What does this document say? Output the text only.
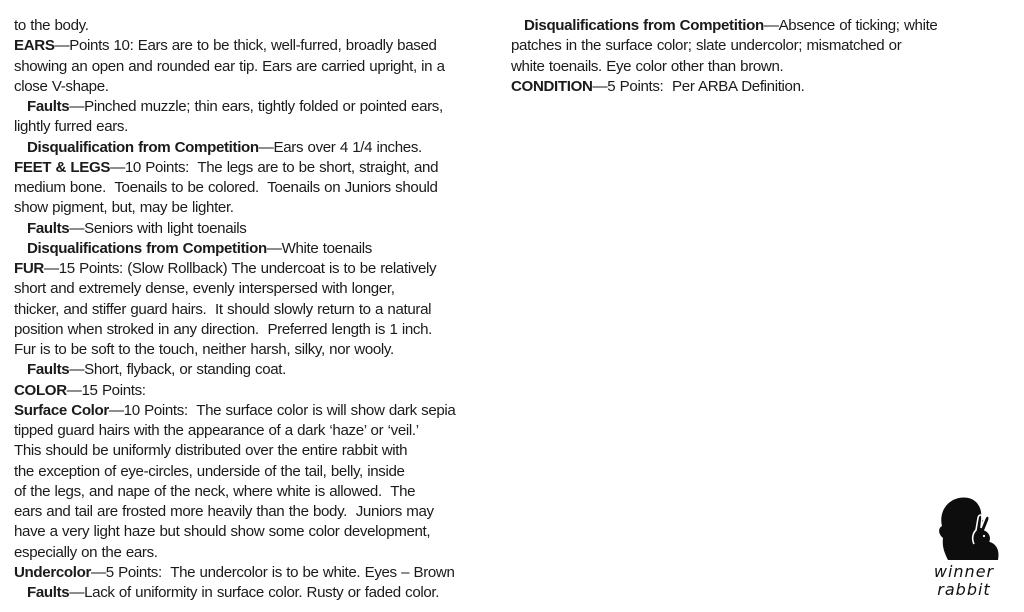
to the body.
EARS—Points 10: Ears are to be thick, well-furred, broadly based
showing an open and rounded ear tip. Ears are carried upright, in a
close V-shape.
Faults—Pinched muzzle; thin ears, tightly folded or pointed ears,
lightly furred ears.
Disqualification from Competition—Ears over 4 1/4 inches.
FEET & LEGS—10 Points:  The legs are to be short, straight, and
medium bone.  Toenails to be colored.  Toenails on Juniors should
show pigment, but, may be lighter.
Faults—Seniors with light toenails
Disqualifications from Competition—White toenails
FUR—15 Points: (Slow Rollback) The undercoat is to be relatively
short and extremely dense, evenly interspersed with longer,
thicker, and stiffer guard hairs.  It should slowly return to a natural
position when stroked in any direction.  Preferred length is 1 inch.
Fur is to be soft to the touch, neither harsh, silky, nor wooly.
Faults—Short, flyback, or standing coat.
COLOR—15 Points:
Surface Color—10 Points:  The surface color is will show dark sepia
tipped guard hairs with the appearance of a dark ‘haze’ or ‘veil.’
This should be uniformly distributed over the entire rabbit with
the exception of eye-circles, underside of the tail, belly, inside
of the legs, and nape of the neck, where white is allowed.  The
ears and tail are frosted more heavily than the body.  Juniors may
have a very light haze but should show some color development,
especially on the ears.
Undercolor—5 Points:  The undercolor is to be white. Eyes – Brown
Faults—Lack of uniformity in surface color. Rusty or faded color.
Disqualifications from Competition—Absence of ticking; white
patches in the surface color; slate undercolor; mismatched or
white toenails. Eye color other than brown.
CONDITION—5 Points:  Per ARBA Definition.
winner
rabbit
